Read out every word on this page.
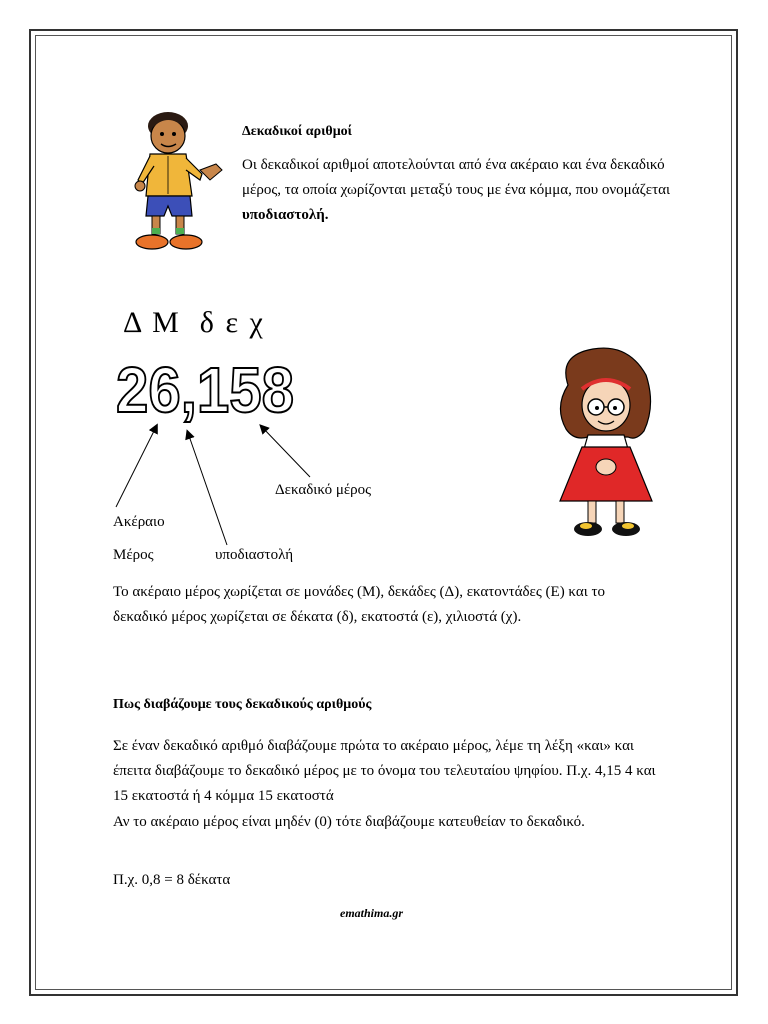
Δεκαδικοί αριθμοί
Οι δεκαδικοί αριθμοί αποτελούνται από ένα ακέραιο και ένα δεκαδικό μέρος, τα οποία χωρίζονται μεταξύ τους με ένα κόμμα, που ονομάζεται υποδιαστολή.
Δ Μ  δ ε χ
26,158
Δεκαδικό μέρος
Ακέραιο
Μέρος	υποδιαστολή
Το ακέραιο μέρος χωρίζεται σε μονάδες (Μ), δεκάδες (Δ), εκατοντάδες (Ε) και το δεκαδικό μέρος χωρίζεται σε δέκατα (δ), εκατοστά (ε), χιλιοστά (χ).
Πως διαβάζουμε τους δεκαδικούς αριθμούς
Σε έναν δεκαδικό αριθμό διαβάζουμε πρώτα το ακέραιο μέρος, λέμε τη λέξη «και» και έπειτα διαβάζουμε το δεκαδικό μέρος με το όνομα του τελευταίου ψηφίου. Π.χ. 4,15 4 και 15 εκατοστά ή 4 κόμμα 15 εκατοστά
Αν το ακέραιο μέρος είναι μηδέν (0) τότε διαβάζουμε κατευθείαν το δεκαδικό.
Π.χ. 0,8 = 8 δέκατα
emathima.gr
